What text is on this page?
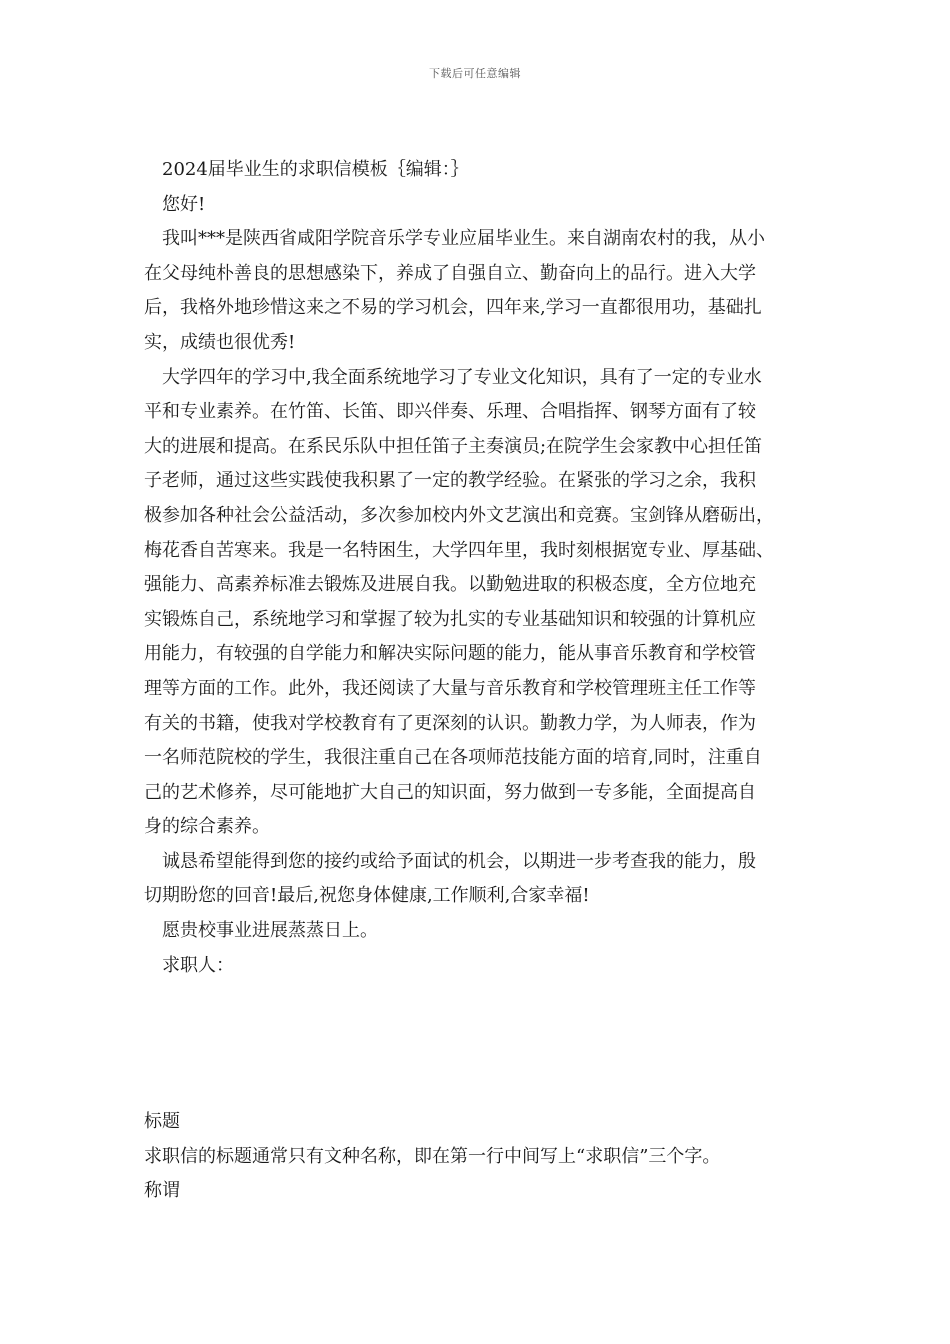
下载后可任意编辑
2024届毕业生的求职信模板｛编辑：｝
您好!
我叫***是陕西省咸阳学院音乐学专业应届毕业生。来自湖南农村的我，从小
在父母纯朴善良的思想感染下，养成了自强自立、勤奋向上的品行。进入大学
后，我格外地珍惜这来之不易的学习机会，四年来,学习一直都很用功，基础扎
实，成绩也很优秀!
大学四年的学习中,我全面系统地学习了专业文化知识，具有了一定的专业水
平和专业素养。在竹笛、长笛、即兴伴奏、乐理、合唱指挥、钢琴方面有了较
大的进展和提高。在系民乐队中担任笛子主奏演员;在院学生会家教中心担任笛
子老师，通过这些实践使我积累了一定的教学经验。在紧张的学习之余，我积
极参加各种社会公益活动，多次参加校内外文艺演出和竞赛。宝剑锋从磨砺出，
梅花香自苦寒来。我是一名特困生，大学四年里，我时刻根据宽专业、厚基础、
强能力、高素养标准去锻炼及进展自我。以勤勉进取的积极态度，全方位地充
实锻炼自己，系统地学习和掌握了较为扎实的专业基础知识和较强的计算机应
用能力，有较强的自学能力和解决实际问题的能力，能从事音乐教育和学校管
理等方面的工作。此外，我还阅读了大量与音乐教育和学校管理班主任工作等
有关的书籍，使我对学校教育有了更深刻的认识。勤教力学，为人师表，作为
一名师范院校的学生，我很注重自己在各项师范技能方面的培育,同时，注重自
己的艺术修养，尽可能地扩大自己的知识面，努力做到一专多能，全面提高自
身的综合素养。
诚恳希望能得到您的接约或给予面试的机会，以期进一步考查我的能力，殷
切期盼您的回音!最后,祝您身体健康,工作顺利,合家幸福!
愿贵校事业进展蒸蒸日上。
求职人：
标题
求职信的标题通常只有文种名称，即在第一行中间写上“求职信”三个字。
称谓
